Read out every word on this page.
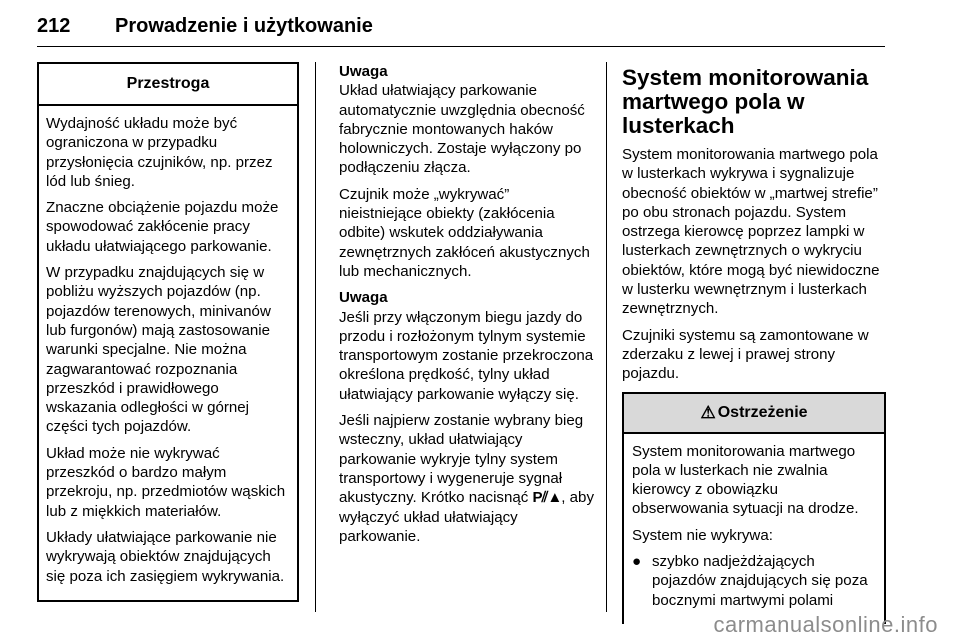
212	Prowadzenie i użytkowanie
Przestroga

Wydajność układu może być ograniczona w przypadku przysłonięcia czujników, np. przez lód lub śnieg.

Znaczne obciążenie pojazdu może spowodować zakłócenie pracy układu ułatwiającego parkowanie.

W przypadku znajdujących się w pobliżu wyższych pojazdów (np. pojazdów terenowych, minivanów lub furgonów) mają zastosowanie warunki specjalne. Nie można zagwarantować rozpoznania przeszkód i prawidłowego wskazania odległości w górnej części tych pojazdów.

Układ może nie wykrywać przeszkód o bardzo małym przekroju, np. przedmiotów wąskich lub z miękkich materiałów.

Układy ułatwiające parkowanie nie wykrywają obiektów znajdujących się poza ich zasięgiem wykrywania.

Uwaga

Układ ułatwiający parkowanie automatycznie uwzględnia obecność fabrycznie montowanych haków holowniczych. Zostaje wyłączony po podłączeniu złącza.

Czujnik może „wykrywać” nieistniejące obiekty (zakłócenia odbite) wskutek oddziaływania zewnętrznych zakłóceń akustycznych lub mechanicznych.

Uwaga

Jeśli przy włączonym biegu jazdy do przodu i rozłożonym tylnym systemie transportowym zostanie przekroczona określona prędkość, tylny układ ułatwiający parkowanie wyłączy się.

Jeśli najpierw zostanie wybrany bieg wsteczny, układ ułatwiający parkowanie wykryje tylny system transportowy i wygeneruje sygnał akustyczny. Krótko nacisnąć P⫽▲, aby wyłączyć układ ułatwiający parkowanie.

System monitorowania martwego pola w lusterkach

System monitorowania martwego pola w lusterkach wykrywa i sygnalizuje obecność obiektów w „martwej strefie” po obu stronach pojazdu. System ostrzega kierowcę poprzez lampki w lusterkach zewnętrznych o wykryciu obiektów, które mogą być niewidoczne w lusterku wewnętrznym i lusterkach zewnętrznych.

Czujniki systemu są zamontowane w zderzaku z lewej i prawej strony pojazdu.

⚠ Ostrzeżenie

System monitorowania martwego pola w lusterkach nie zwalnia kierowcy z obowiązku obserwowania sytuacji na drodze.

System nie wykrywa:

● szybko nadjeżdżających pojazdów znajdujących się poza bocznymi martwymi polami
carmanualsonline.info
